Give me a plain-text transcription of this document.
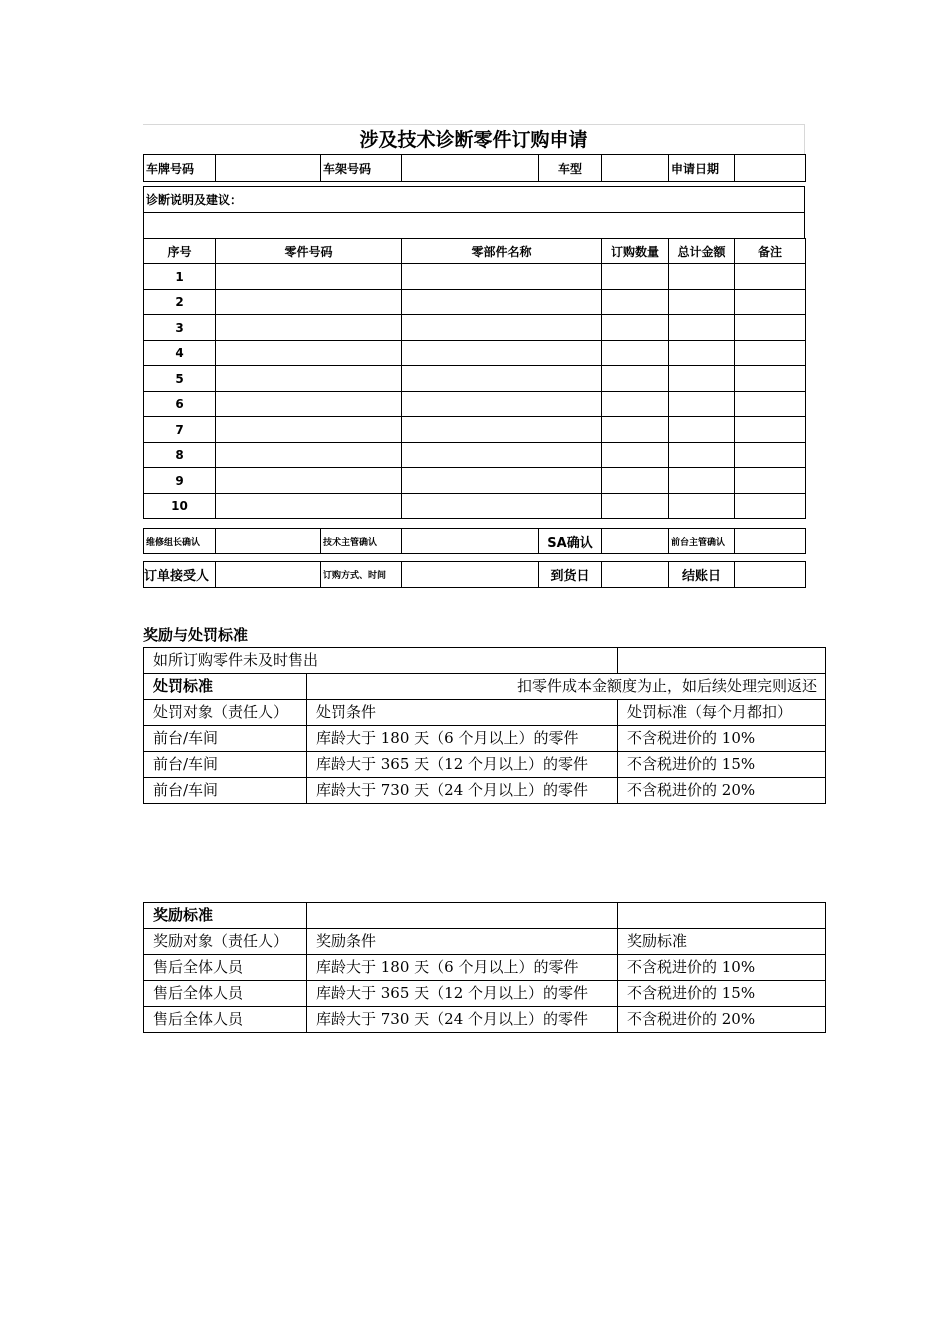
涉及技术诊断零件订购申请
车牌号码		车架号码		车型		申请日期	
诊断说明及建议：

序号	零件号码	零部件名称	订购数量	总计金额	备注
1					
2					
3					
4					
5					
6					
7					
8					
9					
10					
维修组长确认		技术主管确认		SA确认		前台主管确认	
订单接受人		订购方式、时间		到货日		结账日	
奖励与处罚标准
如所订购零件未及时售出		
处罚标准	扣零件成本金额度为止，如后续处理完则返还	
处罚对象（责任人）	处罚条件	处罚标准（每个月都扣）
前台/车间	库龄大于 180 天（6 个月以上）的零件	不含税进价的 10%
前台/车间	库龄大于 365 天（12 个月以上）的零件	不含税进价的 15%
前台/车间	库龄大于 730 天（24 个月以上）的零件	不含税进价的 20%
奖励标准		
奖励对象（责任人）	奖励条件	奖励标准
售后全体人员	库龄大于 180 天（6 个月以上）的零件	不含税进价的 10%
售后全体人员	库龄大于 365 天（12 个月以上）的零件	不含税进价的 15%
售后全体人员	库龄大于 730 天（24 个月以上）的零件	不含税进价的 20%
